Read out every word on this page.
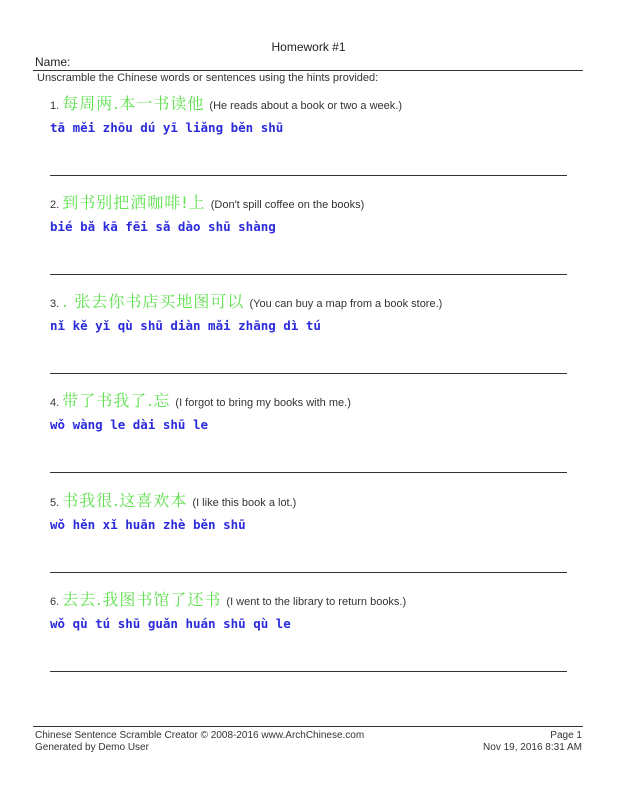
Homework #1
Name:
Unscramble the Chinese words or sentences using the hints provided:
1. 每周两.本一书读他 (He reads about a book or two a week.)
tā měi zhōu dú yī liǎng běn shū
2. 到书别把洒咖啡!上 (Don't spill coffee on the books)
bié bǎ kā fēi sǎ dào shū shàng
3. . 张去你书店买地图可以 (You can buy a map from a book store.)
nǐ kě yǐ qù shū diàn mǎi zhāng dì tú
4. 带了书我了.忘 (I forgot to bring my books with me.)
wǒ wàng le dài shū le
5. 书我很.这喜欢本 (I like this book a lot.)
wǒ hěn xǐ huān zhè běn shū
6. 去去.我图书馆了还书 (I went to the library to return books.)
wǒ qù tú shū guǎn huán shū qù le
Chinese Sentence Scramble Creator © 2008-2016 www.ArchChinese.com
Generated by Demo User
Page 1
Nov 19, 2016 8:31 AM
